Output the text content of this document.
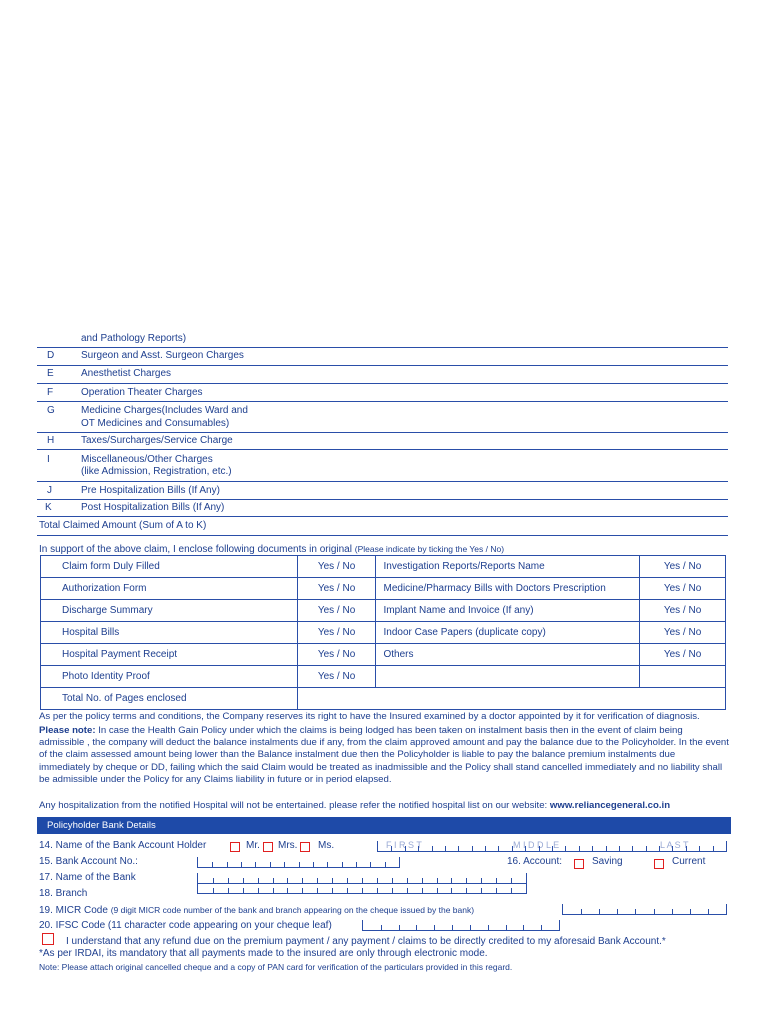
and Pathology Reports)
D	Surgeon and Asst. Surgeon Charges
E	Anesthetist Charges
F	Operation Theater Charges
G	Medicine Charges(Includes Ward and
OT Medicines and Consumables)
H	Taxes/Surcharges/Service Charge
I	Miscellaneous/Other Charges
(like Admission, Registration, etc.)
J	Pre Hospitalization Bills (If Any)
K	Post Hospitalization Bills (If Any)
Total Claimed Amount (Sum of A to K)
In support of the above claim, I enclose following documents in original (Please indicate by ticking the Yes / No)
Claim form Duly Filled	Yes / No	Investigation Reports/Reports Name	Yes / No
Authorization Form	Yes / No	Medicine/Pharmacy Bills with Doctors Prescription	Yes / No
Discharge Summary	Yes / No	Implant Name and Invoice (If any)	Yes / No
Hospital Bills	Yes / No	Indoor Case Papers (duplicate copy)	Yes / No
Hospital Payment Receipt	Yes / No	Others	Yes / No
Photo Identity Proof	Yes / No		
Total No. of Pages enclosed			
As per the policy terms and conditions, the Company reserves its right to have the Insured examined by a doctor appointed by it for verification of diagnosis.
Please note: In case the Health Gain Policy under which the claims is being lodged has been taken on instalment basis then in the event of claim being admissible , the company will deduct the balance instalments due if any, from the claim approved amount and pay the balance due to the Policyholder. In the event of the claim assessed amount being lower than the Balance instalment due then the Policyholder is liable to pay the balance premium instalments due immediately by cheque or DD, failing which the said Claim would be treated as inadmissible and the Policy shall stand cancelled immediately and no liability shall be admissible under the Policy for any Claims liability in future or in period elapsed.
Any hospitalization from the notified Hospital will not be entertained. please refer the notified hospital list on our website: www.reliancegeneral.co.in
Policyholder Bank Details
14. Name of the Bank Account Holder	Mr. Mrs. Ms.	F I R S T	M I D D L E	L A S T
15. Bank Account No.:	16. Account:	Saving	Current
17. Name of the Bank
18. Branch
19. MICR Code (9 digit MICR code number of the bank and branch appearing on the cheque issued by the bank)
20. IFSC Code (11 character code appearing on your cheque leaf)
I understand that any refund due on the premium payment / any payment / claims to be directly credited to my aforesaid Bank Account.*
*As per IRDAI, its mandatory that all payments made to the insured are only through electronic mode.
Note: Please attach original cancelled cheque and a copy of PAN card for verification of the particulars provided in this regard.
